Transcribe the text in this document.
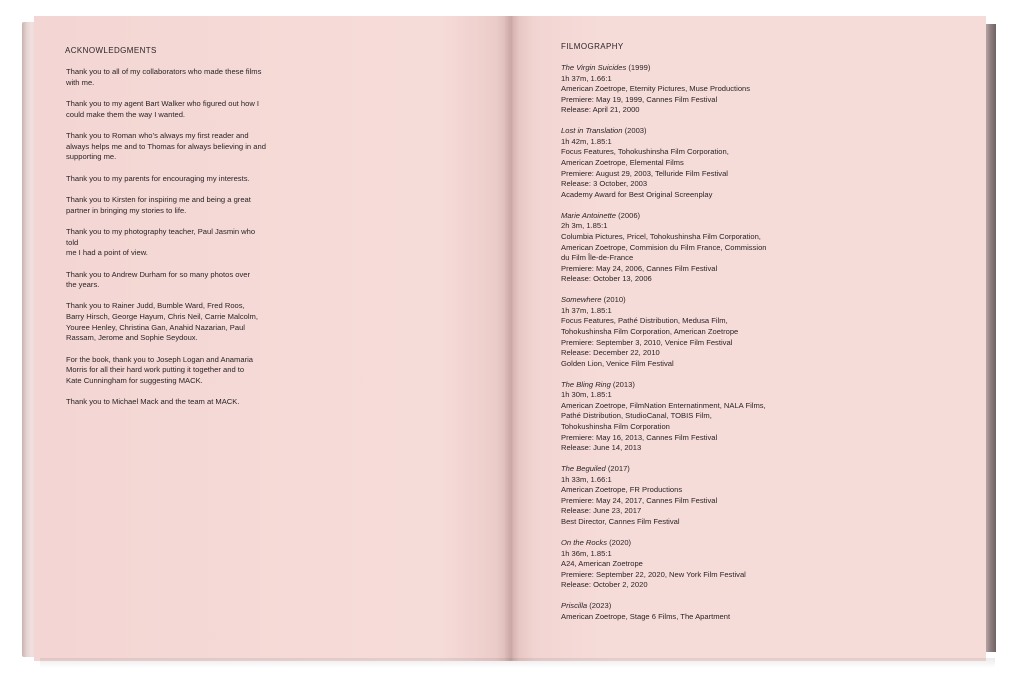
ACKNOWLEDGMENTS

Thank you to all of my collaborators who made these films
with me.

Thank you to my agent Bart Walker who figured out how I
could make them the way I wanted.

Thank you to Roman who’s always my first reader and
always helps me and to Thomas for always believing in and
supporting me.

Thank you to my parents for encouraging my interests.

Thank you to Kirsten for inspiring me and being a great
partner in bringing my stories to life.

Thank you to my photography teacher, Paul Jasmin who told
me I had a point of view.

Thank you to Andrew Durham for so many photos over
the years.

Thank you to Rainer Judd, Bumble Ward, Fred Roos,
Barry Hirsch, George Hayum, Chris Neil, Carrie Malcolm,
Youree Henley, Christina Gan, Anahid Nazarian, Paul
Rassam, Jerome and Sophie Seydoux.

For the book, thank you to Joseph Logan and Anamaria
Morris for all their hard work putting it together and to
Kate Cunningham for suggesting MACK.

Thank you to Michael Mack and the team at MACK.

FILMOGRAPHY
The Virgin Suicides (1999)
1h 37m, 1.66:1
American Zoetrope, Eternity Pictures, Muse Productions
Premiere: May 19, 1999, Cannes Film Festival
Release: April 21, 2000
Lost in Translation (2003)
1h 42m, 1.85:1
Focus Features, Tohokushinsha Film Corporation,
American Zoetrope, Elemental Films
Premiere: August 29, 2003, Telluride Film Festival
Release: 3 October, 2003
Academy Award for Best Original Screenplay
Marie Antoinette (2006)
2h 3m, 1.85:1
Columbia Pictures, Pricel, Tohokushinsha Film Corporation,
American Zoetrope, Commision du Film France, Commission
du Film Île-de-France
Premiere: May 24, 2006, Cannes Film Festival
Release: October 13, 2006
Somewhere (2010)
1h 37m, 1.85:1
Focus Features, Pathé Distribution, Medusa Film,
Tohokushinsha Film Corporation, American Zoetrope
Premiere: September 3, 2010, Venice Film Festival
Release: December 22, 2010
Golden Lion, Venice Film Festival
The Bling Ring (2013)
1h 30m, 1.85:1
American Zoetrope, FilmNation Enternatinment, NALA Films,
Pathé Distribution, StudioCanal, TOBIS Film,
Tohokushinsha Film Corporation
Premiere: May 16, 2013, Cannes Film Festival
Release: June 14, 2013
The Beguiled (2017)
1h 33m, 1.66:1
American Zoetrope, FR Productions
Premiere: May 24, 2017, Cannes Film Festival
Release: June 23, 2017
Best Director, Cannes Film Festival
On the Rocks (2020)
1h 36m, 1.85:1
A24, American Zoetrope
Premiere: September 22, 2020, New York Film Festival
Release: October 2, 2020
Priscilla (2023)
American Zoetrope, Stage 6 Films, The Apartment
